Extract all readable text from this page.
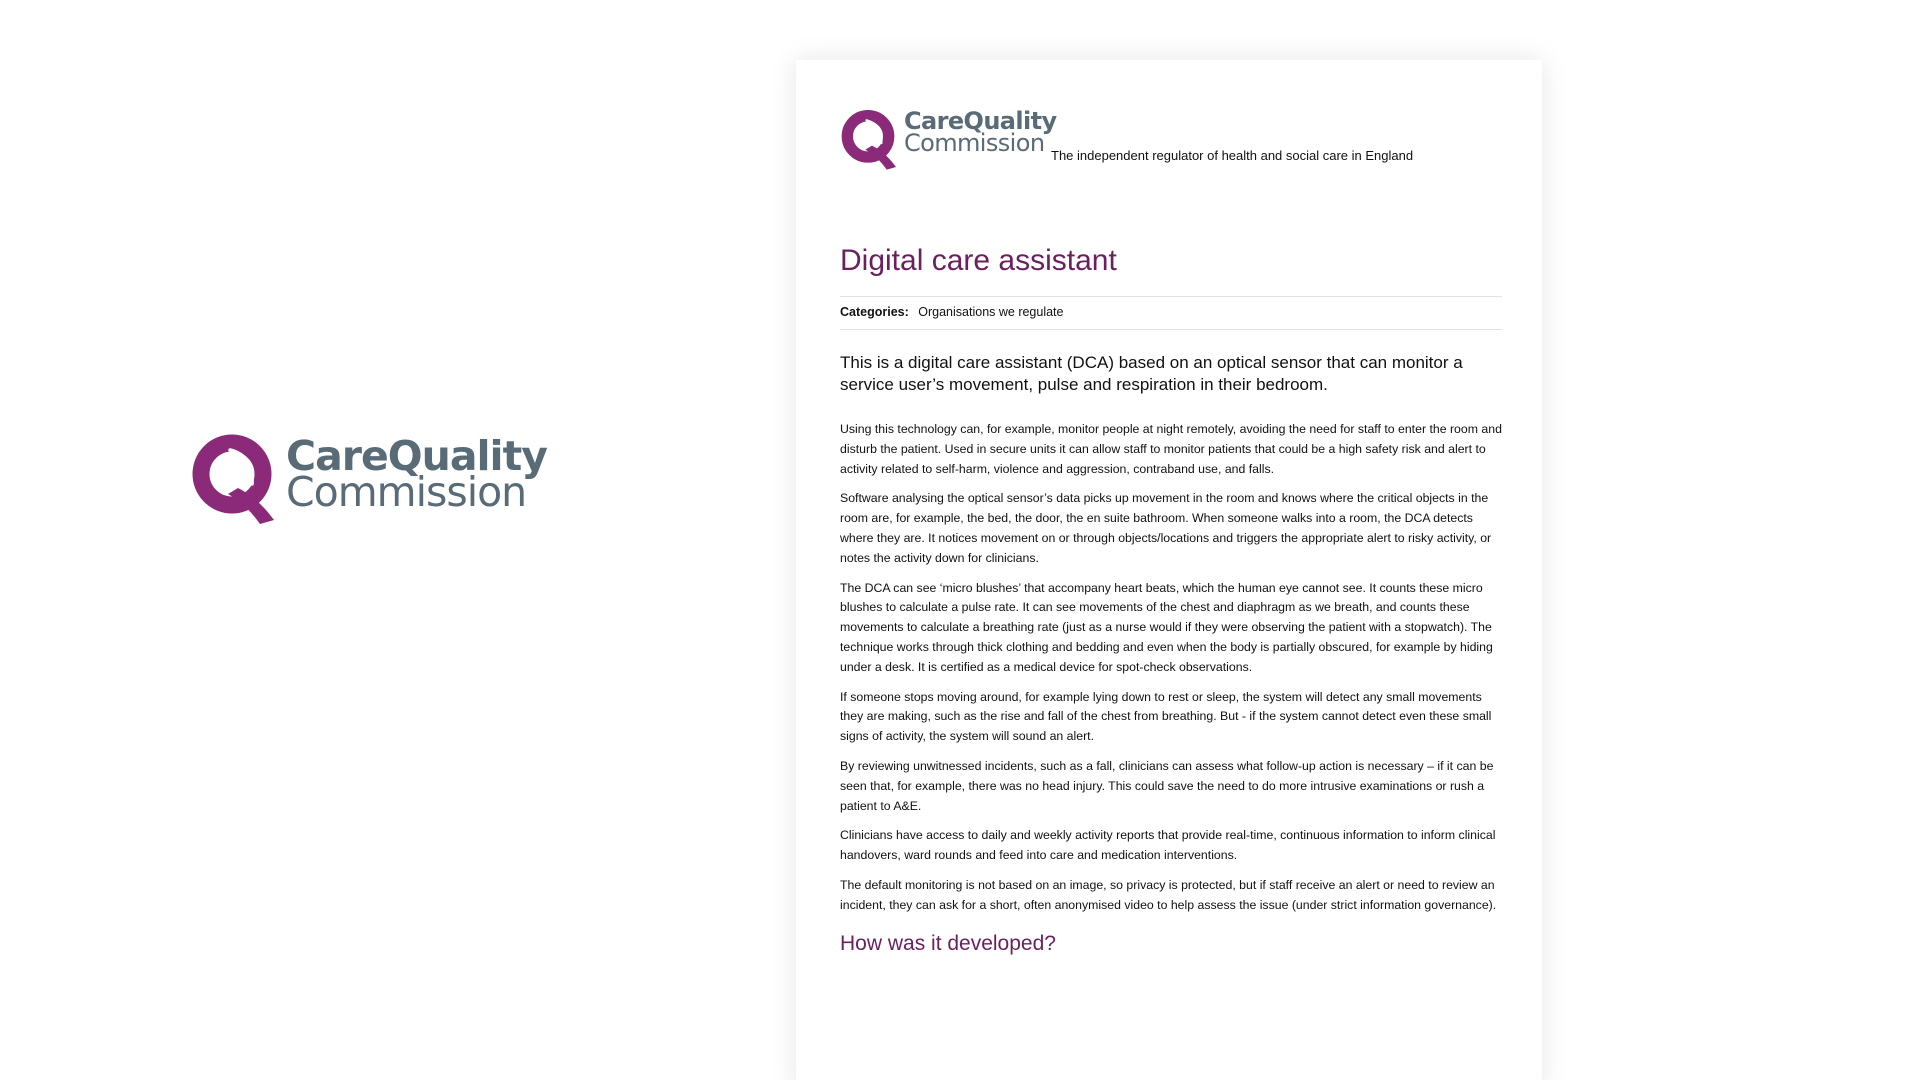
CareQuality
Commission
CareQuality
Commission The independent regulator of health and social care in England
Digital care assistant
Categories: Organisations we regulate

This is a digital care assistant (DCA) based on an optical sensor that can monitor a service user’s movement, pulse and respiration in their bedroom.

Using this technology can, for example, monitor people at night remotely, avoiding the need for staff to enter the room and disturb the patient. Used in secure units it can allow staff to monitor patients that could be a high safety risk and alert to activity related to self-harm, violence and aggression, contraband use, and falls.

Software analysing the optical sensor’s data picks up movement in the room and knows where the critical objects in the room are, for example, the bed, the door, the en suite bathroom. When someone walks into a room, the DCA detects where they are. It notices movement on or through objects/locations and triggers the appropriate alert to risky activity, or notes the activity down for clinicians.

The DCA can see ‘micro blushes’ that accompany heart beats, which the human eye cannot see. It counts these micro blushes to calculate a pulse rate. It can see movements of the chest and diaphragm as we breath, and counts these movements to calculate a breathing rate (just as a nurse would if they were observing the patient with a stopwatch). The technique works through thick clothing and bedding and even when the body is partially obscured, for example by hiding under a desk. It is certified as a medical device for spot-check observations.

If someone stops moving around, for example lying down to rest or sleep, the system will detect any small movements they are making, such as the rise and fall of the chest from breathing. But - if the system cannot detect even these small signs of activity, the system will sound an alert.

By reviewing unwitnessed incidents, such as a fall, clinicians can assess what follow-up action is necessary – if it can be seen that, for example, there was no head injury. This could save the need to do more intrusive examinations or rush a patient to A&E.

Clinicians have access to daily and weekly activity reports that provide real-time, continuous information to inform clinical handovers, ward rounds and feed into care and medication interventions.

The default monitoring is not based on an image, so privacy is protected, but if staff receive an alert or need to review an incident, they can ask for a short, often anonymised video to help assess the issue (under strict information governance).

How was it developed?
